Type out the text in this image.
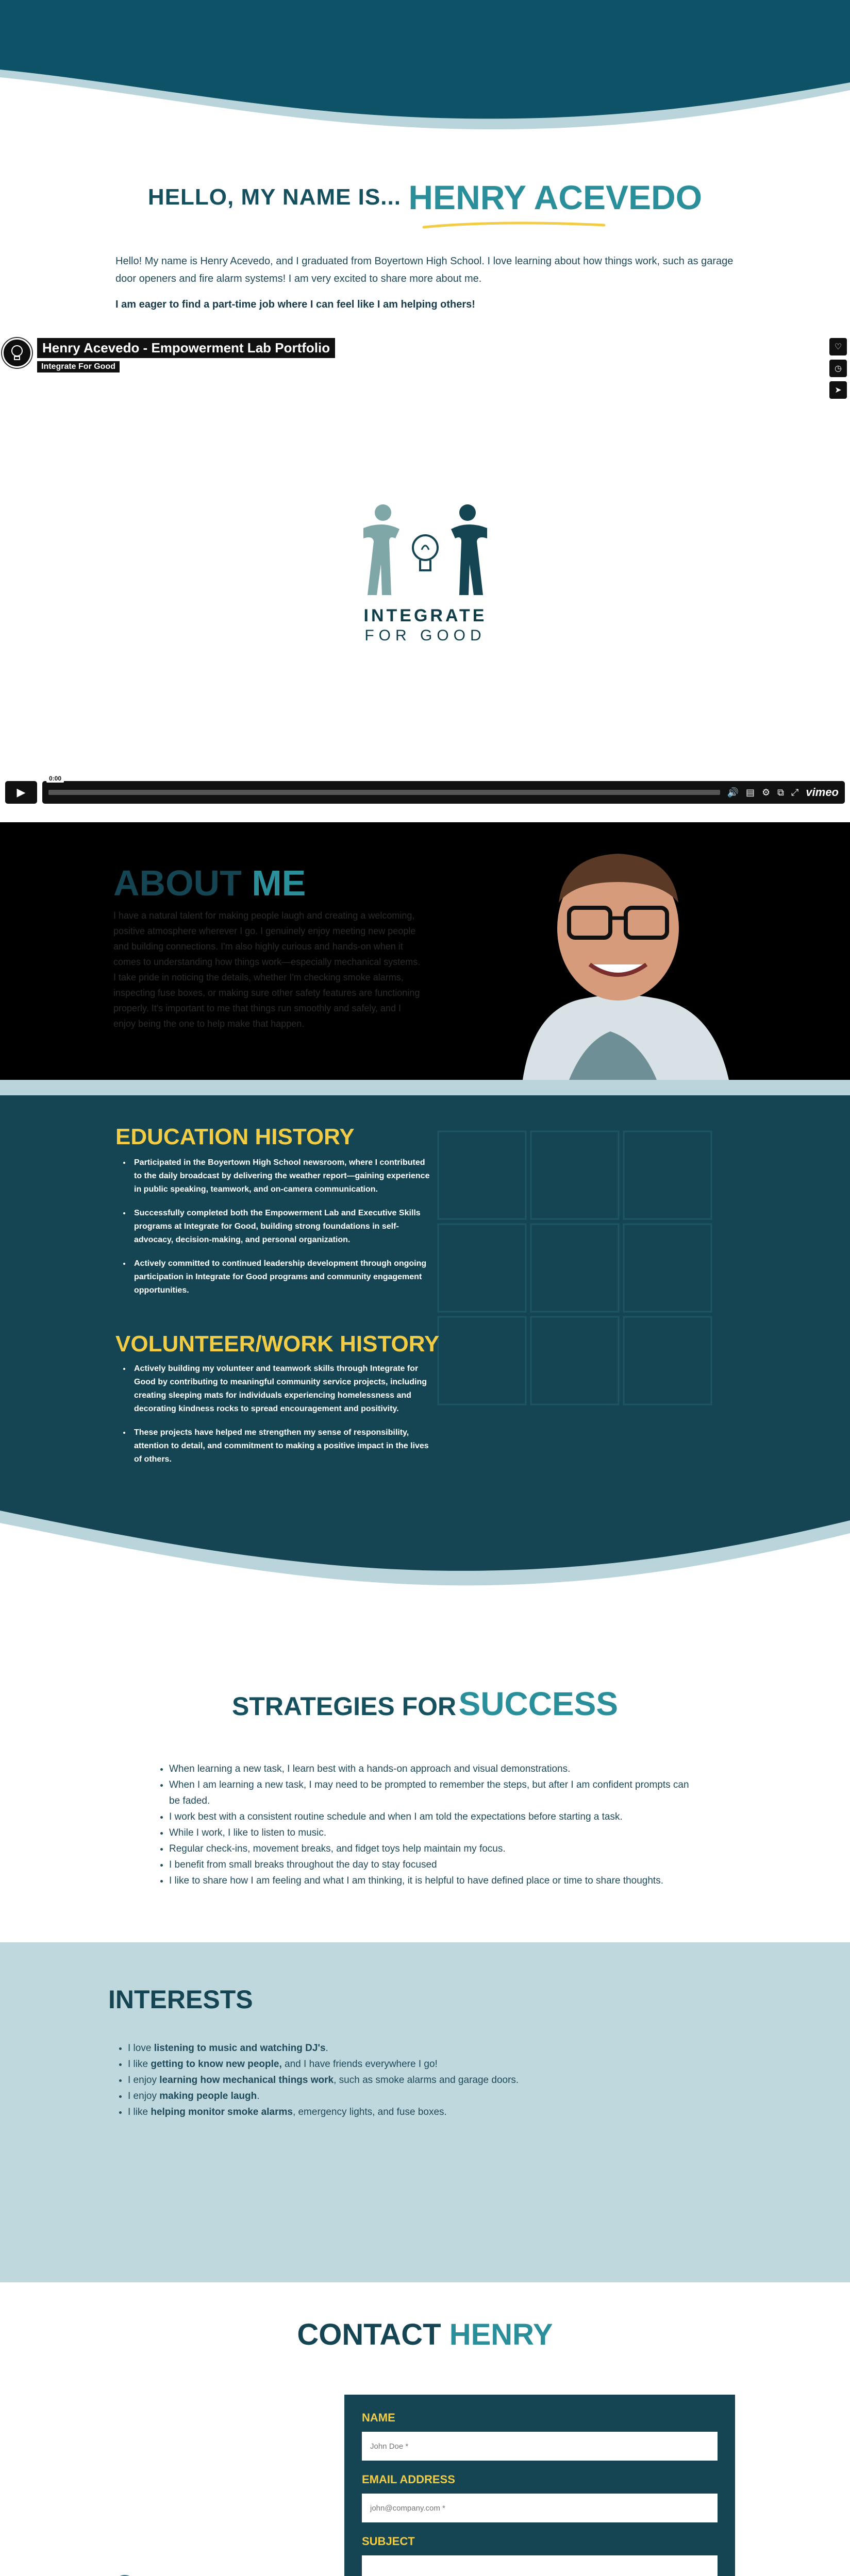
HELLO, MY NAME IS... HENRY ACEVEDO

Hello! My name is Henry Acevedo, and I graduated from Boyertown High School. I love learning about how things work, such as garage door openers and fire alarm systems! I am very excited to share more about me.

I am eager to find a part-time job where I can feel like I am helping others!

Henry Acevedo - Empowerment Lab Portfolio
Integrate For Good
♡
◷
➤
INTEGRATE
FOR GOOD
▶
0:00
🔊 ▤ ⚙ ⧉ ⤢ vimeo
ABOUT ME

I have a natural talent for making people laugh and creating a welcoming, positive atmosphere wherever I go. I genuinely enjoy meeting new people and building connections. I'm also highly curious and hands-on when it comes to understanding how things work—especially mechanical systems. I take pride in noticing the details, whether I'm checking smoke alarms, inspecting fuse boxes, or making sure other safety features are functioning properly. It's important to me that things run smoothly and safely, and I enjoy being the one to help make that happen.

EDUCATION HISTORY
• Participated in the Boyertown High School newsroom, where I contributed to the daily broadcast by delivering the weather report—gaining experience in public speaking, teamwork, and on-camera communication.
• Successfully completed both the Empowerment Lab and Executive Skills programs at Integrate for Good, building strong foundations in self-advocacy, decision-making, and personal organization.
• Actively committed to continued leadership development through ongoing participation in Integrate for Good programs and community engagement opportunities.
VOLUNTEER/WORK HISTORY
• Actively building my volunteer and teamwork skills through Integrate for Good by contributing to meaningful community service projects, including creating sleeping mats for individuals experiencing homelessness and decorating kindness rocks to spread encouragement and positivity.
• These projects have helped me strengthen my sense of responsibility, attention to detail, and commitment to making a positive impact in the lives of others.
STRATEGIES FOR SUCCESS
• When learning a new task, I learn best with a hands-on approach and visual demonstrations.
• When I am learning a new task, I may need to be prompted to remember the steps, but after I am confident prompts can be faded.
• I work best with a consistent routine schedule and when I am told the expectations before starting a task.
• While I work, I like to listen to music.
• Regular check-ins, movement breaks, and fidget toys help maintain my focus.
• I benefit from small breaks throughout the day to stay focused
• I like to share how I am feeling and what I am thinking, it is helpful to have defined place or time to share thoughts.
INTERESTS
• I love listening to music and watching DJ's.
• I like getting to know new people, and I have friends everywhere I go!
• I enjoy learning how mechanical things work, such as smoke alarms and garage doors.
• I enjoy making people laugh.
• I like helping monitor smoke alarms, emergency lights, and fuse boxes.
CONTACT HENRY
NAME
John Doe *
EMAIL ADDRESS
john@company.com *
SUBJECT
